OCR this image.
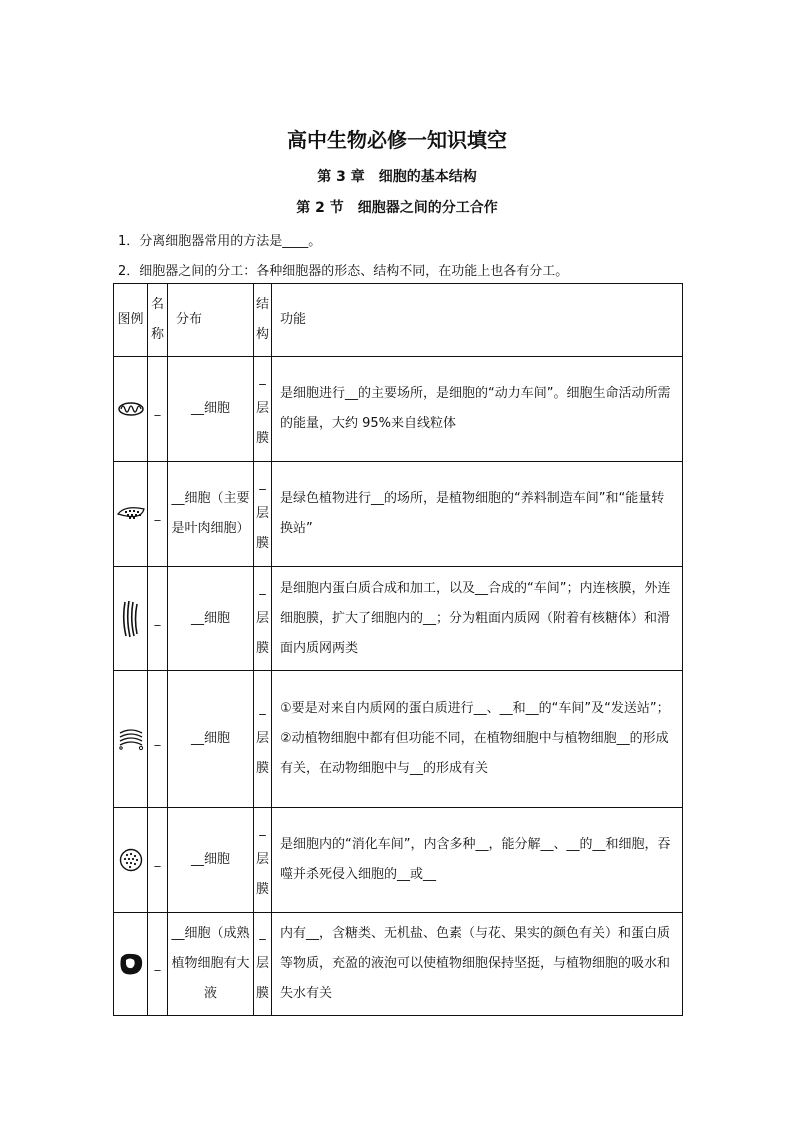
高中生物必修一知识填空
第 3 章　细胞的基本结构
第 2 节　细胞器之间的分工合作
1．分离细胞器常用的方法是____。
2．细胞器之间的分工：各种细胞器的形态、结构不同，在功能上也各有分工。
图例	名称	分布	结构	功能

	_	__细胞	_层膜	是细胞进行__的主要场所，是细胞的“动力车间”。细胞生命活动所需的能量，大约 95%来自线粒体

	_	__细胞（主要是叶肉细胞）	_层膜	是绿色植物进行__的场所，是植物细胞的“养料制造车间”和“能量转换站”

	_	__细胞	_层膜	是细胞内蛋白质合成和加工，以及__合成的“车间”；内连核膜，外连细胞膜，扩大了细胞内的__；分为粗面内质网（附着有核糖体）和滑面内质网两类

	_	__细胞	_层膜	①要是对来自内质网的蛋白质进行__、__和__的“车间”及“发送站”；
②动植物细胞中都有但功能不同，在植物细胞中与植物细胞__的形成有关，在动物细胞中与__的形成有关

	_	__细胞	_层膜	是细胞内的“消化车间”，内含多种__，能分解__、__的__和细胞，吞噬并杀死侵入细胞的__或__

	_	__细胞（成熟植物细胞有大液	_层膜	内有__，含糖类、无机盐、色素（与花、果实的颜色有关）和蛋白质等物质，充盈的液泡可以使植物细胞保持坚挺，与植物细胞的吸水和失水有关
